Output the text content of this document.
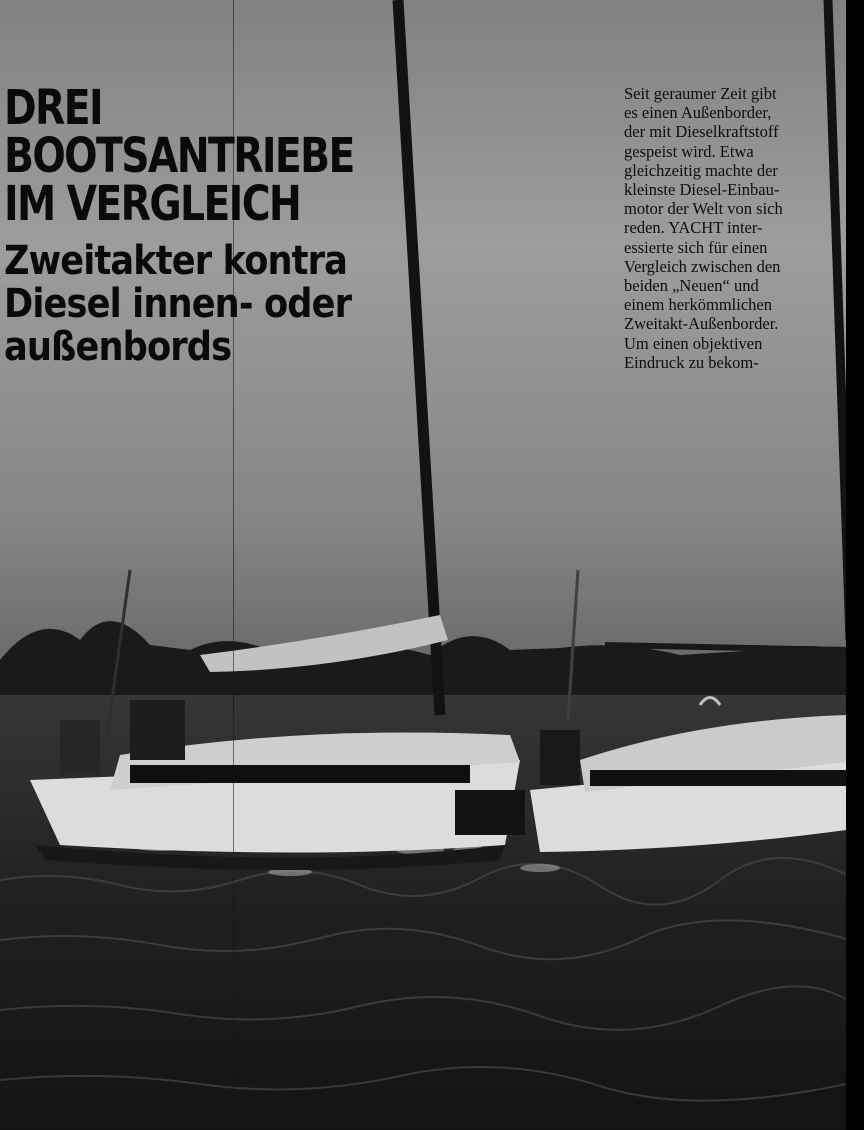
DREI
BOOTSANTRIEBE
IM VERGLEICH
Zweitakter kontra
Diesel innen- oder
außenbords

Seit geraumer Zeit gibt
es einen Außenborder,
der mit Dieselkraftstoff
gespeist wird. Etwa
gleichzeitig machte der
kleinste Diesel-Einbau-
motor der Welt von sich
reden. YACHT inter-
essierte sich für einen
Vergleich zwischen den
beiden „Neuen“ und
einem herkömmlichen
Zweitakt-Außenborder.
Um einen objektiven
Eindruck zu bekom-
